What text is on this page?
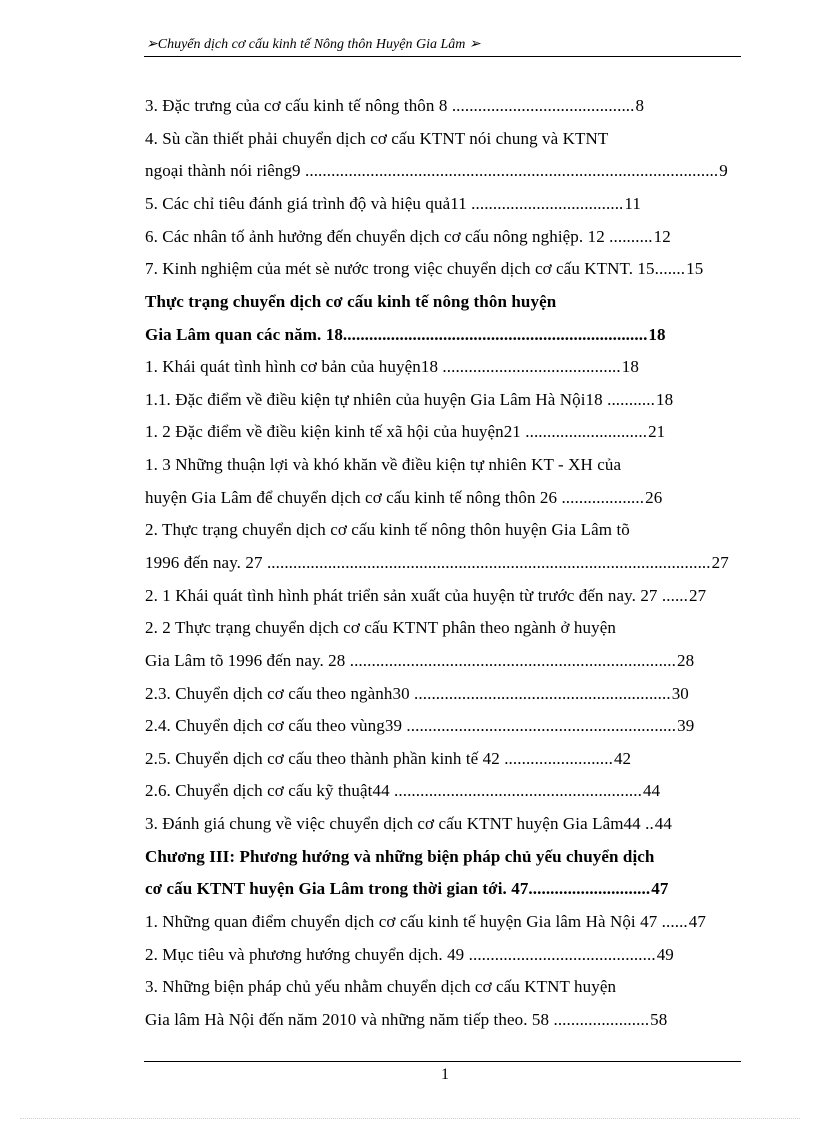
➢Chuyển dịch cơ cấu kinh tế Nông thôn Huyện Gia Lâm ➢
3. Đặc trưng của cơ cấu kinh tế nông thôn 8 ..........................................8
4. Sù cần thiết phải chuyển dịch cơ cấu KTNT nói chung và KTNT
ngoại thành nói riêng9 ...............................................................................................9
5. Các chỉ tiêu đánh giá trình độ và hiệu quả11 ...................................11
6. Các nhân tố ảnh hưởng đến chuyển dịch cơ cấu nông nghiệp. 12 ..........12
7. Kinh nghiệm của mét sè nước trong việc chuyển dịch cơ cấu KTNT. 15.......15
Thực trạng chuyển dịch cơ cấu kinh tế nông thôn huyện
Gia Lâm quan các năm. 18......................................................................18
1. Khái quát tình hình cơ bản của huyện18 .........................................18
1.1. Đặc điểm về điều kiện tự nhiên của huyện Gia Lâm Hà Nội18 ...........18
1. 2 Đặc điểm về điều kiện kinh tế xã hội của huyện21 ............................21
1. 3 Những thuận lợi và khó khăn về điều kiện tự nhiên KT - XH của
huyện Gia Lâm để chuyển dịch cơ cấu kinh tế nông thôn 26 ...................26
2. Thực trạng chuyển dịch cơ cấu kinh tế nông thôn huyện Gia Lâm tõ
1996 đến nay. 27 ......................................................................................................27
2. 1 Khái quát tình hình phát triển sản xuất của huyện từ trước đến nay. 27 ......27
2. 2 Thực trạng chuyển dịch cơ cấu KTNT phân theo ngành ở huyện
Gia Lâm tõ 1996 đến nay. 28 ...........................................................................28
2.3. Chuyển dịch cơ cấu theo ngành30 ...........................................................30
2.4. Chuyển dịch cơ cấu theo vùng39 ..............................................................39
2.5. Chuyển dịch cơ cấu theo thành phần kinh tế 42 .........................42
2.6. Chuyển dịch cơ cấu kỹ thuật44 .........................................................44
3. Đánh giá chung về việc chuyển dịch cơ cấu KTNT huyện Gia Lâm44 ..44
Chương III: Phương hướng và những biện pháp chủ yếu chuyển dịch
cơ cấu KTNT huyện Gia Lâm trong thời gian tới. 47............................47
1. Những quan điểm chuyển dịch cơ cấu kinh tế huyện Gia lâm Hà Nội 47 ......47
2. Mục tiêu và phương hướng chuyển dịch. 49 ...........................................49
3. Những biện pháp chủ yếu nhằm chuyển dịch cơ cấu KTNT huyện
Gia lâm Hà Nội đến năm 2010 và những năm tiếp theo. 58 ......................58
1
